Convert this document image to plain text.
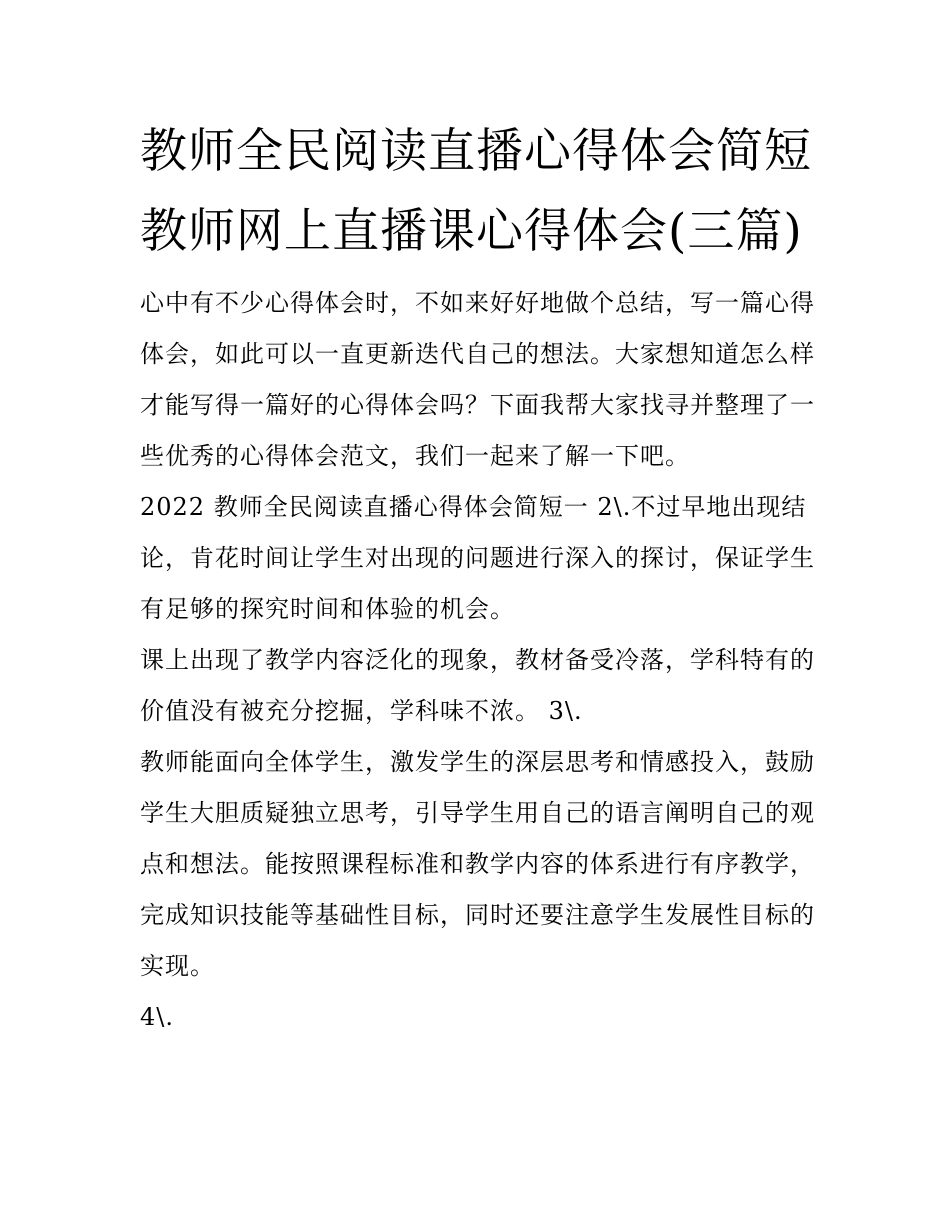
教师全民阅读直播心得体会简短 教师网上直播课心得体会(三篇)

心中有不少心得体会时，不如来好好地做个总结，写一篇心得体会，如此可以一直更新迭代自己的想法。大家想知道怎么样才能写得一篇好的心得体会吗？下面我帮大家找寻并整理了一些优秀的心得体会范文，我们一起来了解一下吧。

2022 教师全民阅读直播心得体会简短一 2\.不过早地出现结论，肯花时间让学生对出现的问题进行深入的探讨，保证学生有足够的探究时间和体验的机会。

课上出现了教学内容泛化的现象，教材备受冷落，学科特有的价值没有被充分挖掘，学科味不浓。 3\.

教师能面向全体学生，激发学生的深层思考和情感投入，鼓励学生大胆质疑独立思考，引导学生用自己的语言阐明自己的观点和想法。能按照课程标准和教学内容的体系进行有序教学，完成知识技能等基础性目标，同时还要注意学生发展性目标的实现。

4\.
